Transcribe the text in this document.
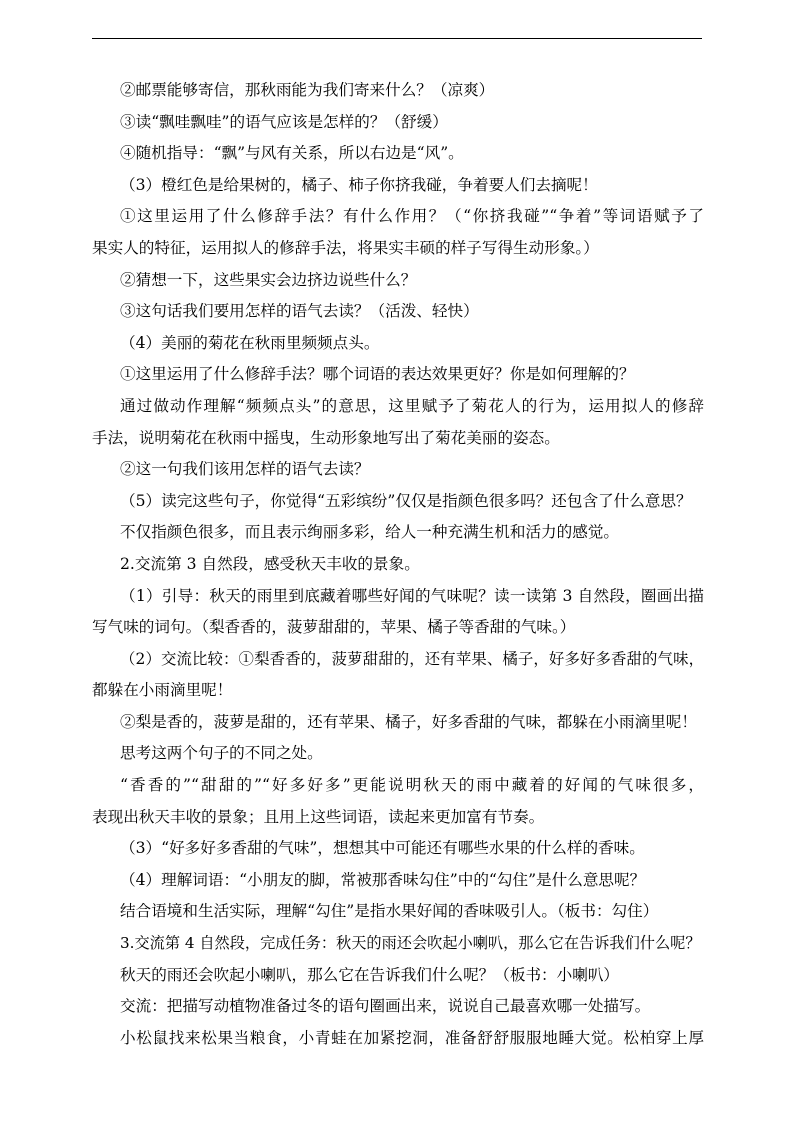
②邮票能够寄信，那秋雨能为我们寄来什么？（凉爽）
③读“飘哇飘哇”的语气应该是怎样的？（舒缓）
④随机指导：“飘”与风有关系，所以右边是“风”。
（3）橙红色是给果树的，橘子、柿子你挤我碰，争着要人们去摘呢！
①这里运用了什么修辞手法？有什么作用？（“你挤我碰”“争着”等词语赋予了
果实人的特征，运用拟人的修辞手法，将果实丰硕的样子写得生动形象。）
②猜想一下，这些果实会边挤边说些什么？
③这句话我们要用怎样的语气去读？（活泼、轻快）
（4）美丽的菊花在秋雨里频频点头。
①这里运用了什么修辞手法？哪个词语的表达效果更好？你是如何理解的？
通过做动作理解“频频点头”的意思，这里赋予了菊花人的行为，运用拟人的修辞
手法，说明菊花在秋雨中摇曳，生动形象地写出了菊花美丽的姿态。
②这一句我们该用怎样的语气去读？
（5）读完这些句子，你觉得“五彩缤纷”仅仅是指颜色很多吗？还包含了什么意思？
不仅指颜色很多，而且表示绚丽多彩，给人一种充满生机和活力的感觉。
2.交流第 3 自然段，感受秋天丰收的景象。
（1）引导：秋天的雨里到底藏着哪些好闻的气味呢？读一读第 3 自然段，圈画出描
写气味的词句。（梨香香的，菠萝甜甜的，苹果、橘子等香甜的气味。）
（2）交流比较：①梨香香的，菠萝甜甜的，还有苹果、橘子，好多好多香甜的气味，
都躲在小雨滴里呢！
②梨是香的，菠萝是甜的，还有苹果、橘子，好多香甜的气味，都躲在小雨滴里呢！
思考这两个句子的不同之处。
“香香的”“甜甜的”“好多好多”更能说明秋天的雨中藏着的好闻的气味很多，
表现出秋天丰收的景象；且用上这些词语，读起来更加富有节奏。
（3）“好多好多香甜的气味”，想想其中可能还有哪些水果的什么样的香味。
（4）理解词语：“小朋友的脚，常被那香味勾住”中的“勾住”是什么意思呢？
结合语境和生活实际，理解“勾住”是指水果好闻的香味吸引人。（板书：勾住）
3.交流第 4 自然段，完成任务：秋天的雨还会吹起小喇叭，那么它在告诉我们什么呢？
秋天的雨还会吹起小喇叭，那么它在告诉我们什么呢？（板书：小喇叭）
交流：把描写动植物准备过冬的语句圈画出来，说说自己最喜欢哪一处描写。
小松鼠找来松果当粮食，小青蛙在加紧挖洞，准备舒舒服服地睡大觉。松柏穿上厚
